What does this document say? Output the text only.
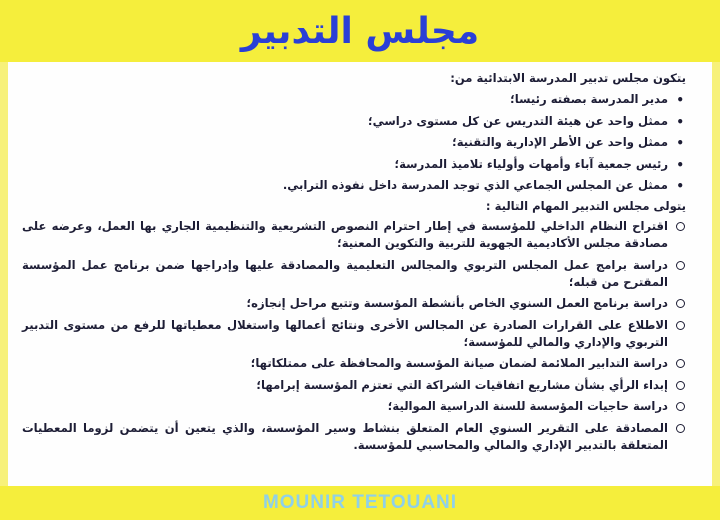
مجلس التدبير

يتكون مجلس تدبير المدرسة الابتدائية من:

•
مدير المدرسة بصفته رئيسا؛
•
ممثل واحد عن هيئة التدريس عن كل مستوى دراسي؛
•
ممثل واحد عن الأطر الإدارية والتقنية؛
•
رئيس جمعية آباء وأمهات وأولياء تلاميذ المدرسة؛
•
ممثل عن المجلس الجماعي الذي توجد المدرسة داخل نفوذه الترابي.

يتولى مجلس التدبير المهام التالية :

اقتراح النظام الداخلي للمؤسسة في إطار احترام النصوص التشريعية والتنظيمية الجاري بها العمل، وعرضه على مصادقة مجلس الأكاديمية الجهوية للتربية والتكوين المعنية؛
دراسة برامج عمل المجلس التربوي والمجالس التعليمية والمصادقة عليها وإدراجها ضمن برنامج عمل المؤسسة المقترح من قبله؛
دراسة برنامج العمل السنوي الخاص بأنشطة المؤسسة وتتبع مراحل إنجازه؛
الاطلاع على القرارات الصادرة عن المجالس الأخرى ونتائج أعمالها واستغلال معطياتها للرفع من مستوى التدبير التربوي والإداري والمالي للمؤسسة؛
دراسة التدابير الملائمة لضمان صيانة المؤسسة والمحافظة على ممتلكاتها؛
إبداء الرأي بشأن مشاريع اتفاقيات الشراكة التي تعتزم المؤسسة إبرامها؛
دراسة حاجيات المؤسسة للسنة الدراسية الموالية؛
المصادقة على التقرير السنوي العام المتعلق بنشاط وسير المؤسسة، والذي يتعين أن يتضمن لزوما المعطيات المتعلقة بالتدبير الإداري والمالي والمحاسبي للمؤسسة.
MOUNIR TETOUANI
